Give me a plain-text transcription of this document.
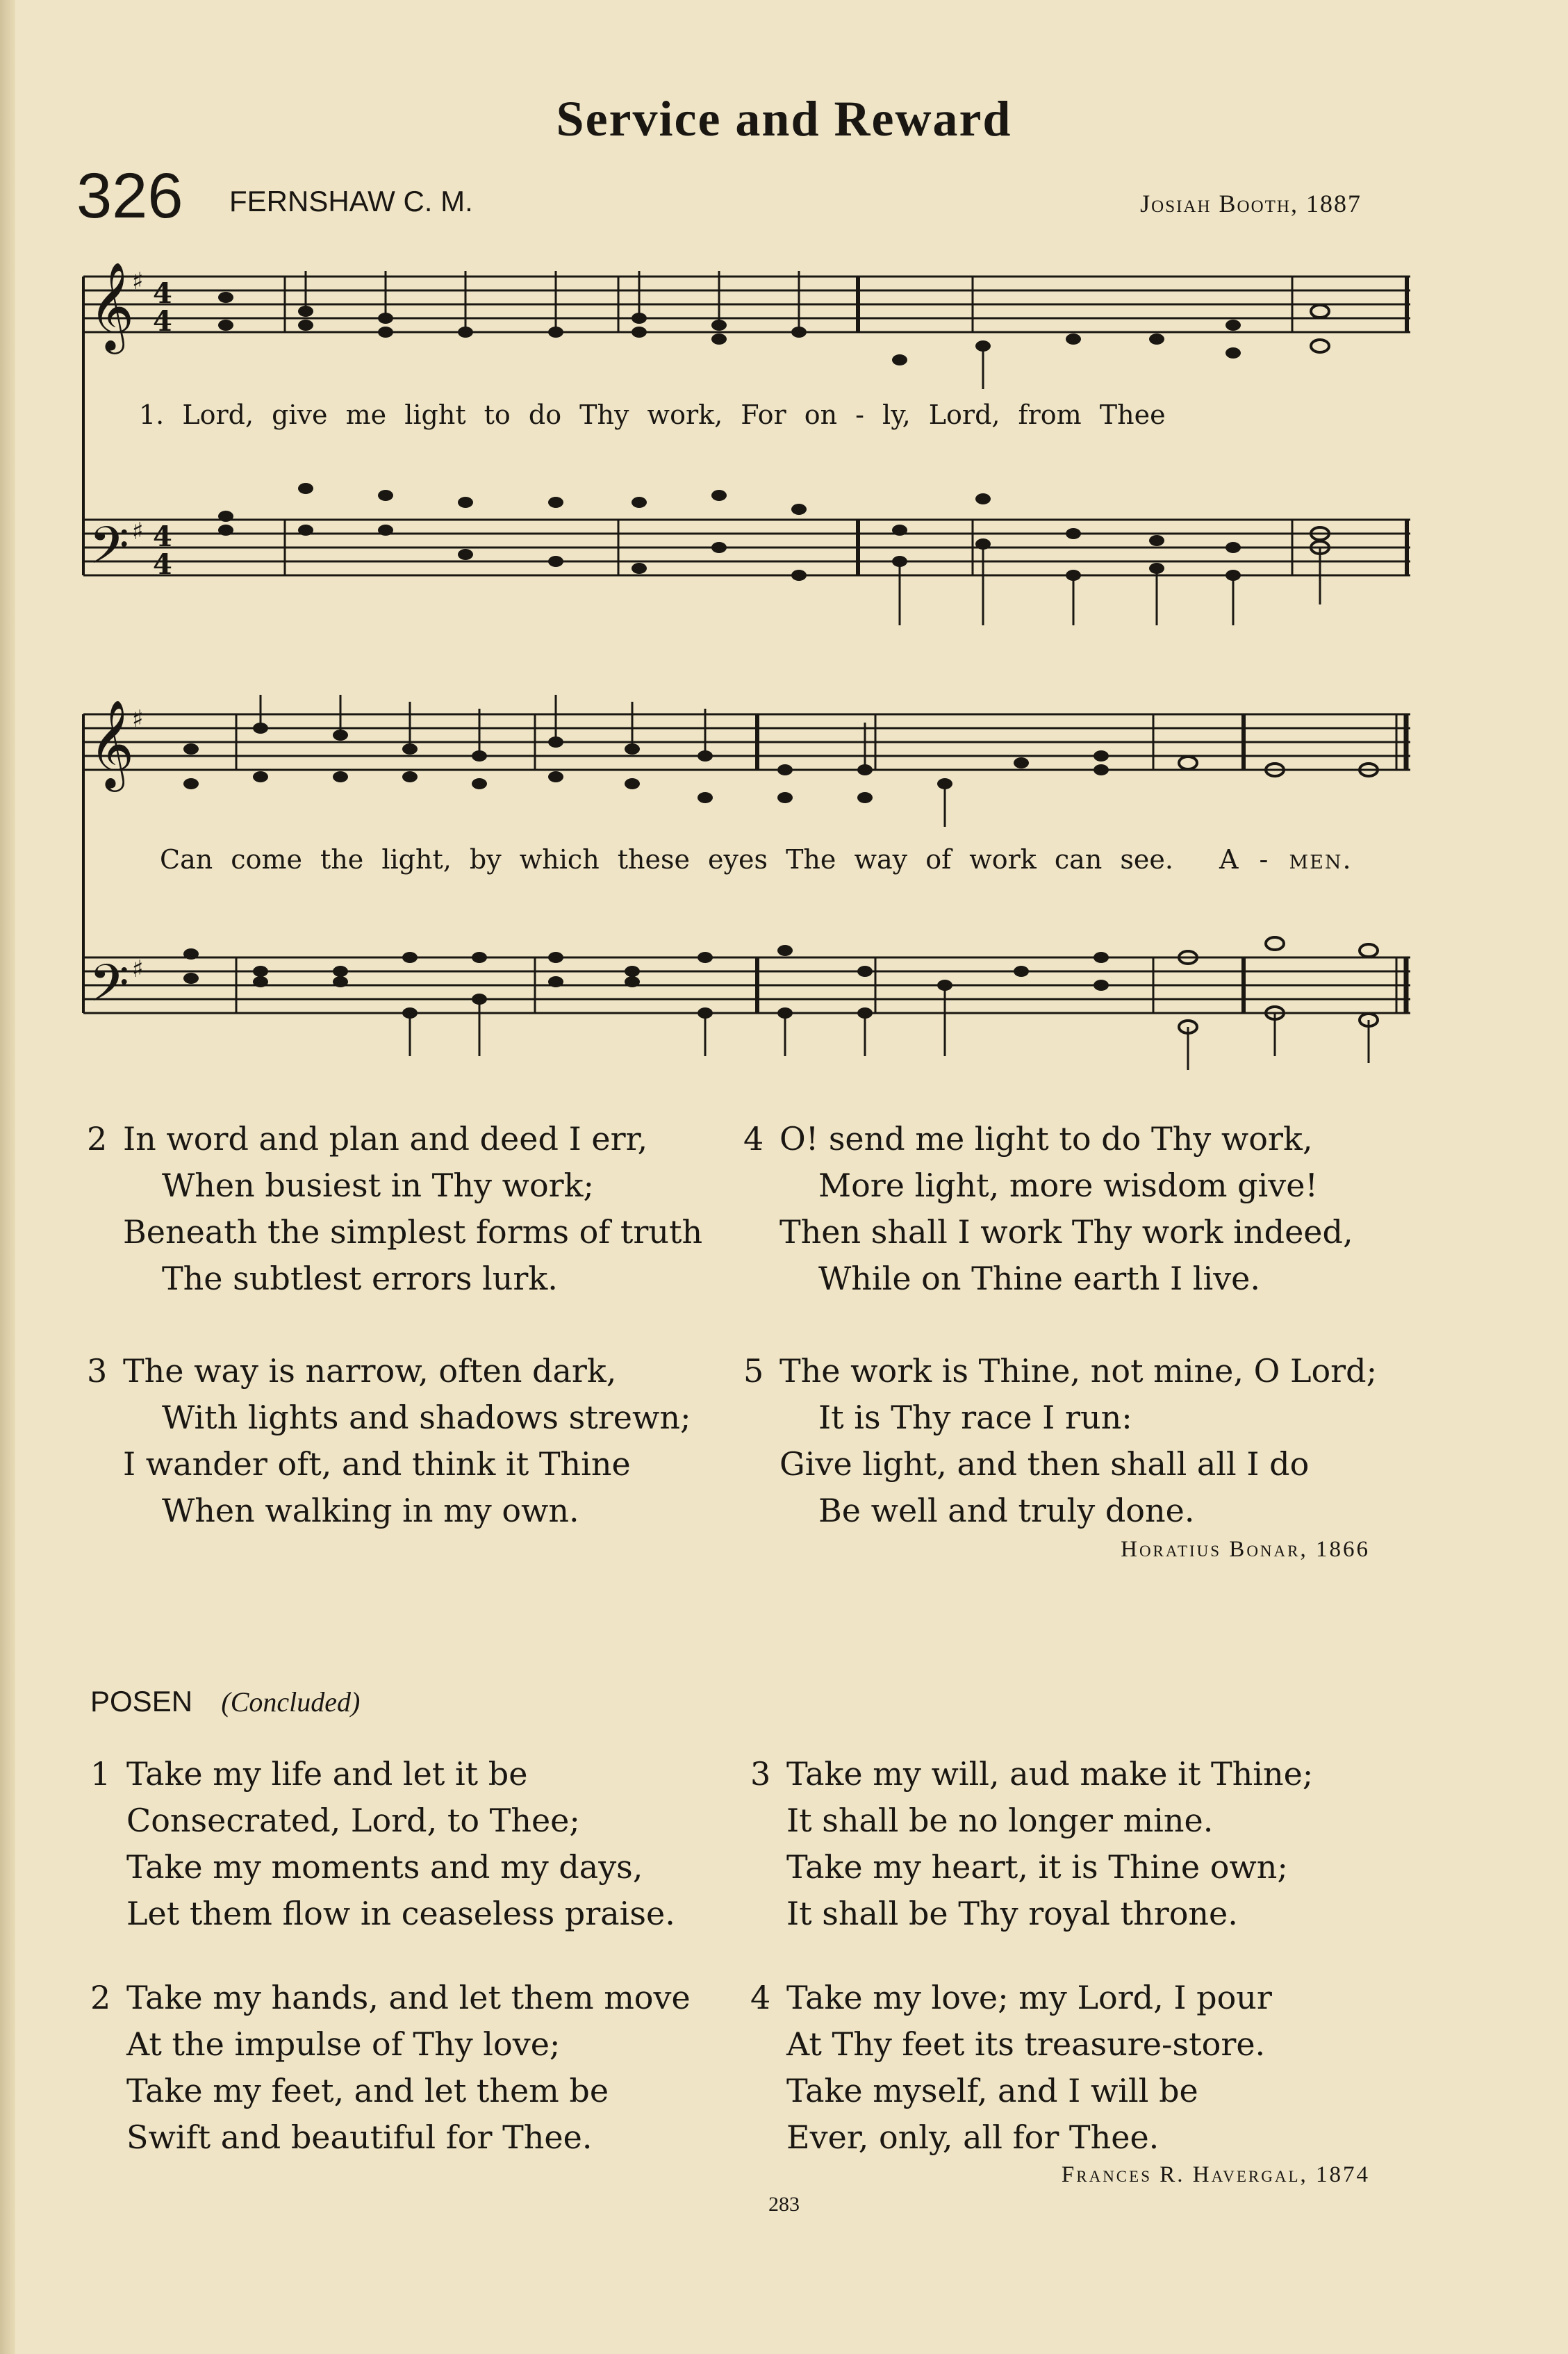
Service and Reward
326 FERNSHAW C. M.	Josiah Booth, 1887
𝄞
𝄢
4
4
4
4
♯
♯
1. Lord, give me light to do Thy work, For on - ly, Lord, from Thee
𝄞
𝄢
♯
♯
Can come the light, by which these eyes The way of work can see. A - men.
2 In word and plan and deed I err,
When busiest in Thy work;
Beneath the simplest forms of truth
The subtlest errors lurk.
3 The way is narrow, often dark,
With lights and shadows strewn;
I wander oft, and think it Thine
When walking in my own.
4 O! send me light to do Thy work,
More light, more wisdom give!
Then shall I work Thy work indeed,
While on Thine earth I live.
5 The work is Thine, not mine, O Lord;
It is Thy race I run:
Give light, and then shall all I do
Be well and truly done.
Horatius Bonar, 1866
POSEN (Concluded)
1 Take my life and let it be
Consecrated, Lord, to Thee;
Take my moments and my days,
Let them flow in ceaseless praise.
2 Take my hands, and let them move
At the impulse of Thy love;
Take my feet, and let them be
Swift and beautiful for Thee.
3 Take my will, aud make it Thine;
It shall be no longer mine.
Take my heart, it is Thine own;
It shall be Thy royal throne.
4 Take my love; my Lord, I pour
At Thy feet its treasure-store.
Take myself, and I will be
Ever, only, all for Thee.
Frances R. Havergal, 1874
283
